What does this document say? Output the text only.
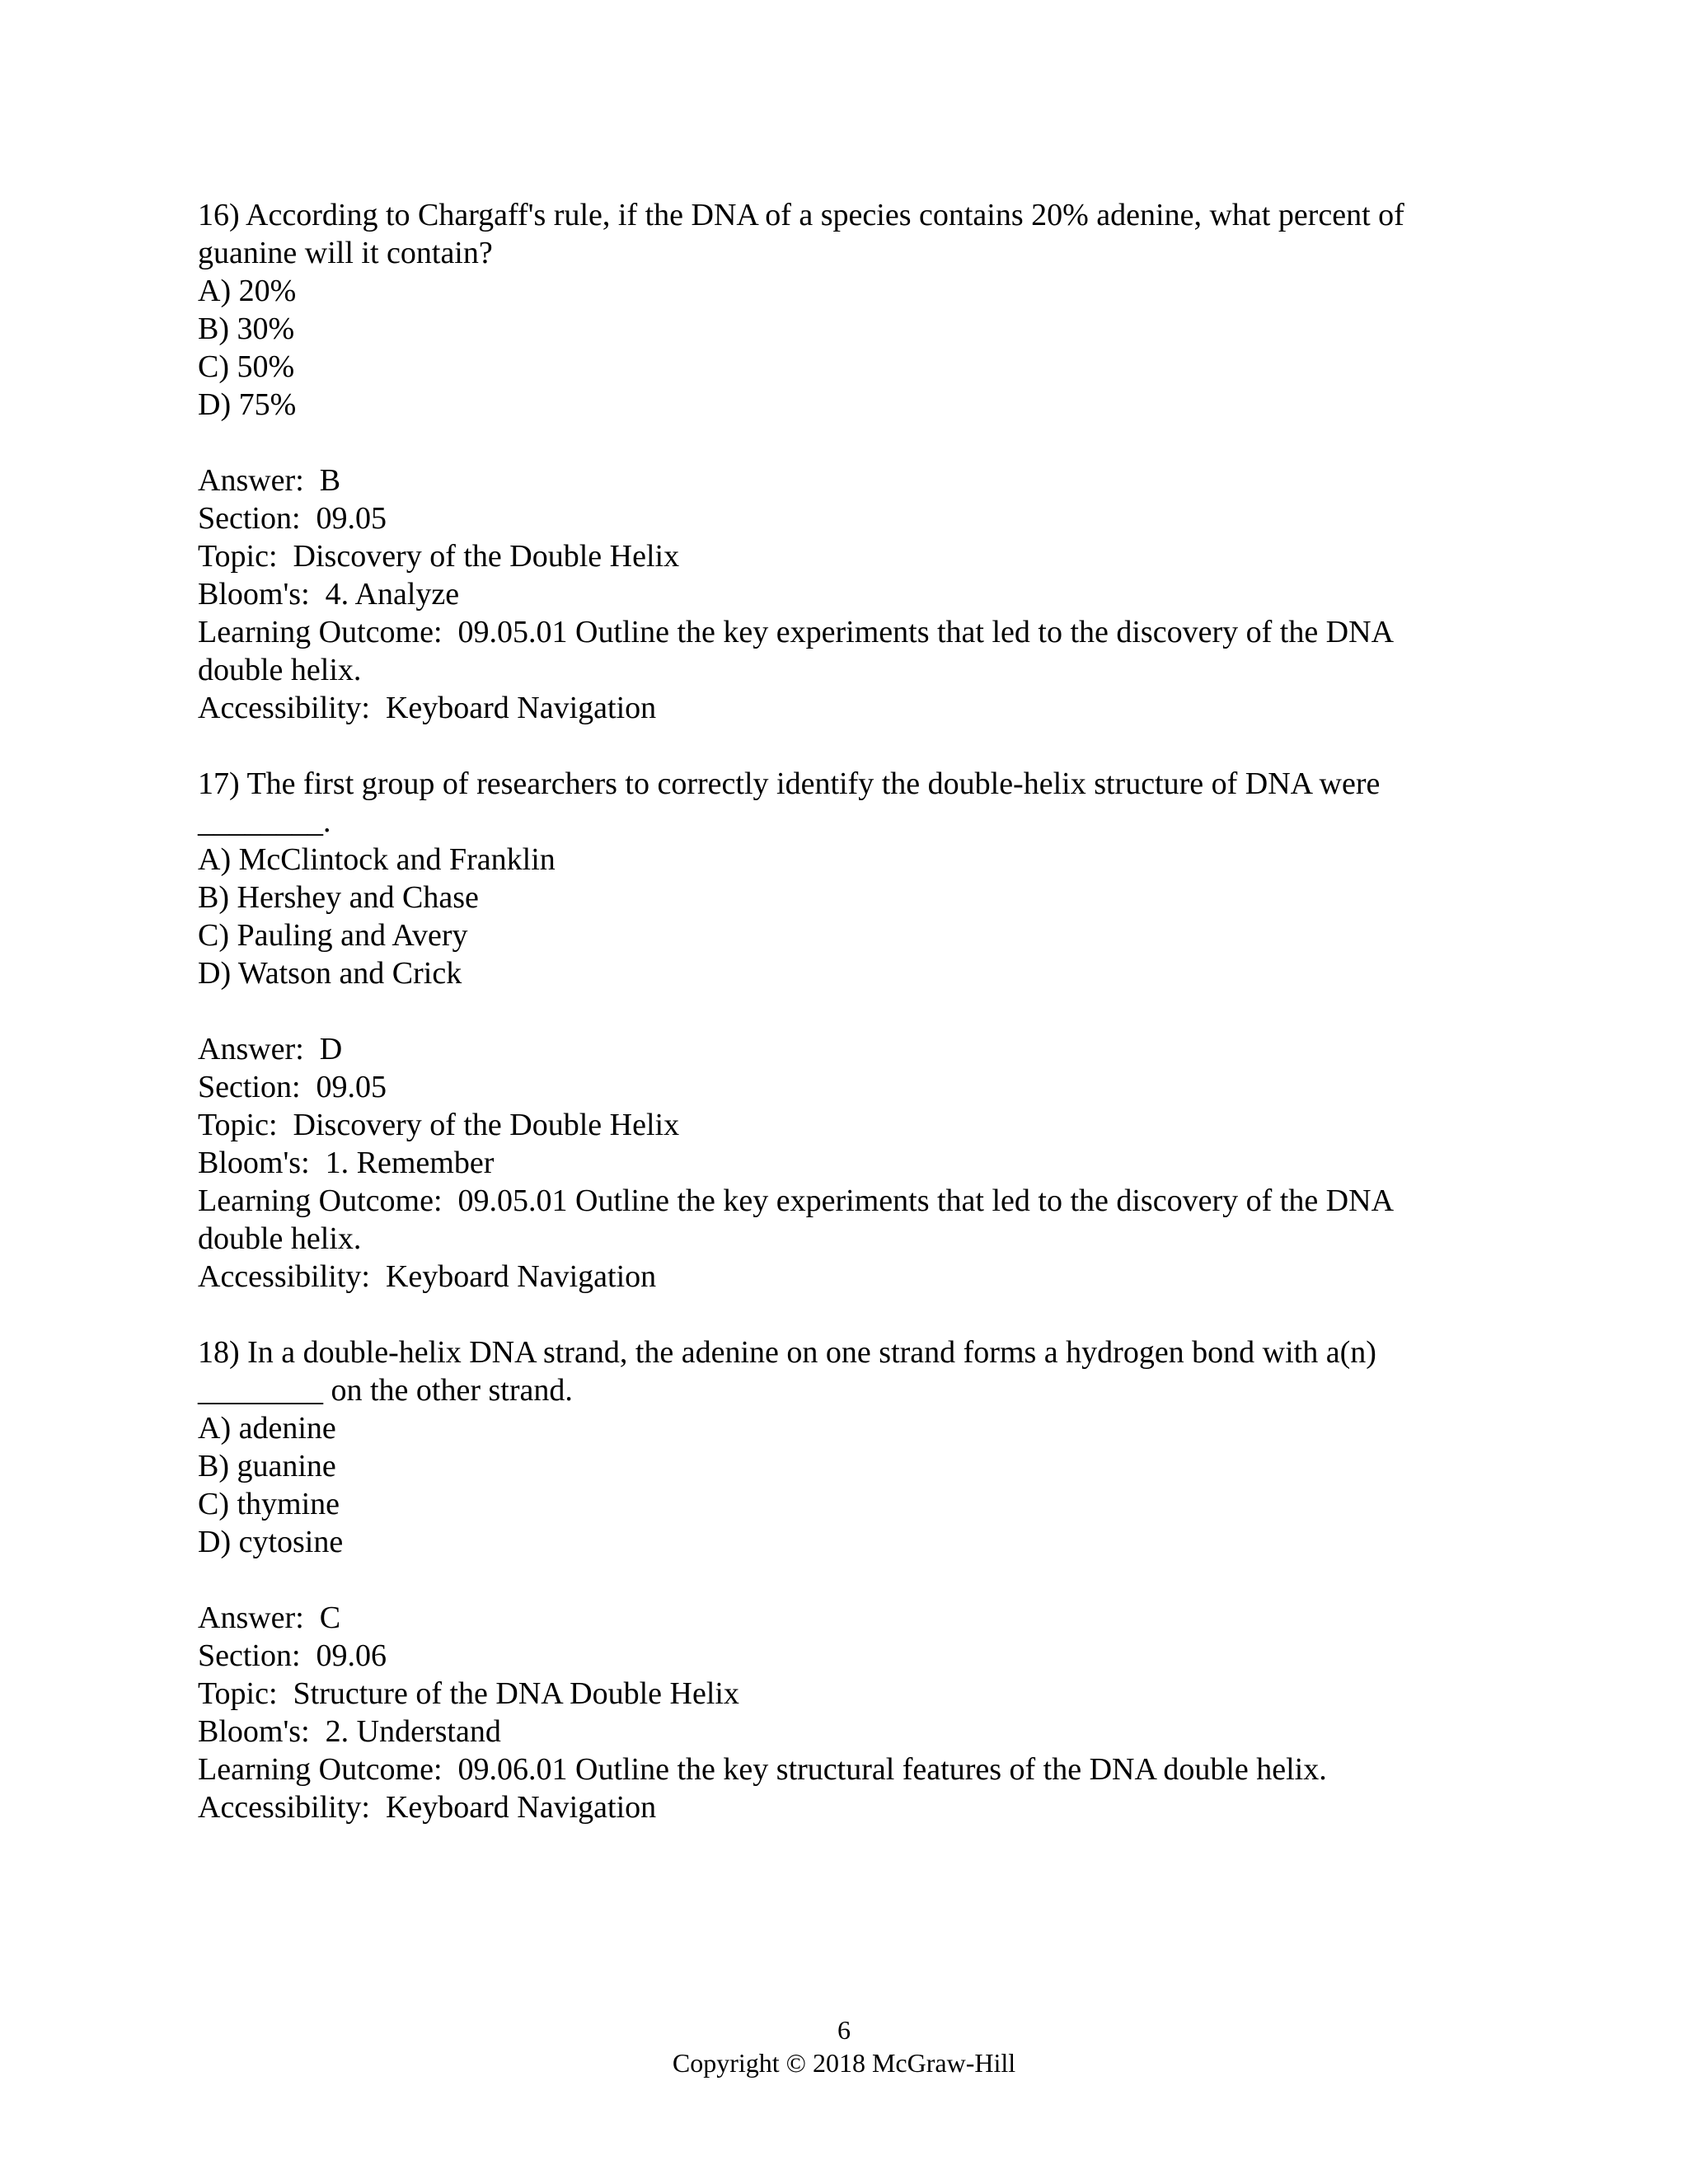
16) According to Chargaff's rule, if the DNA of a species contains 20% adenine, what percent of
guanine will it contain?
A) 20%
B) 30%
C) 50%
D) 75%
Answer:  B
Section:  09.05
Topic:  Discovery of the Double Helix
Bloom's:  4. Analyze
Learning Outcome:  09.05.01 Outline the key experiments that led to the discovery of the DNA
double helix.
Accessibility:  Keyboard Navigation
17) The first group of researchers to correctly identify the double-helix structure of DNA were
________.
A) McClintock and Franklin
B) Hershey and Chase
C) Pauling and Avery
D) Watson and Crick
Answer:  D
Section:  09.05
Topic:  Discovery of the Double Helix
Bloom's:  1. Remember
Learning Outcome:  09.05.01 Outline the key experiments that led to the discovery of the DNA
double helix.
Accessibility:  Keyboard Navigation
18) In a double-helix DNA strand, the adenine on one strand forms a hydrogen bond with a(n)
________ on the other strand.
A) adenine
B) guanine
C) thymine
D) cytosine
Answer:  C
Section:  09.06
Topic:  Structure of the DNA Double Helix
Bloom's:  2. Understand
Learning Outcome:  09.06.01 Outline the key structural features of the DNA double helix.
Accessibility:  Keyboard Navigation
6
Copyright © 2018 McGraw-Hill
